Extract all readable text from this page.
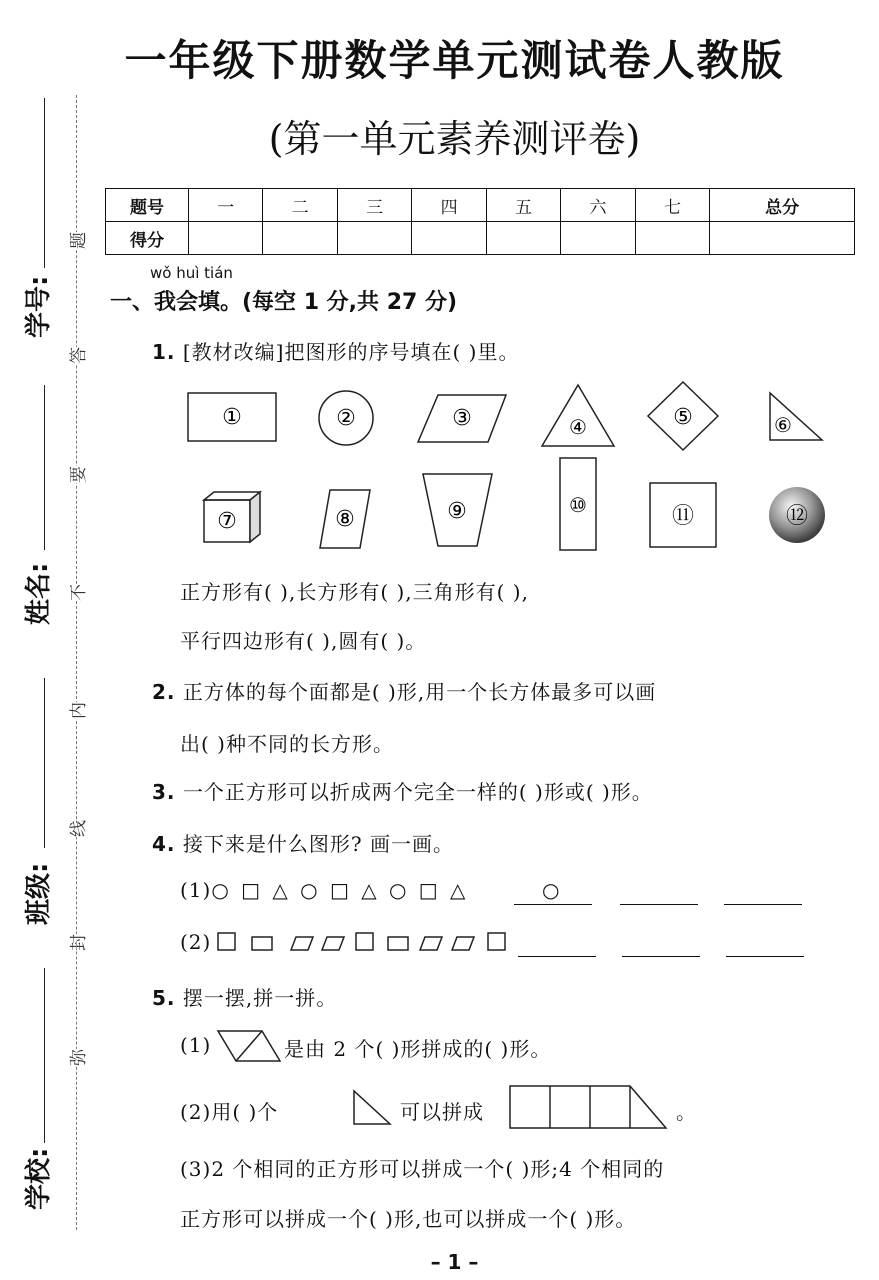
一年级下册数学单元测试卷人教版
(第一单元素养测评卷)
题号	一	二	三	四	五	六	七	总分
得分								
学号:
姓名:
班级:
学校:
题
答
要
不
内
线
封
弥
wǒ huì tián
一、我会填。(每空 1 分,共 27 分)
1. [教材改编]把图形的序号填在( )里。
①	②	③	④	⑤	⑥
⑦	⑧	⑨	⑩	⑪	⑫
正方形有( ),长方形有( ),三角形有( ),
平行四边形有( ),圆有( )。
2. 正方体的每个面都是( )形,用一个长方体最多可以画
出( )种不同的长方形。
3. 一个正方形可以折成两个完全一样的( )形或( )形。
4. 接下来是什么图形? 画一画。
(1)○ □ △ ○ □ △ ○ □ △	○
(2)
5. 摆一摆,拼一拼。
(1)	是由 2 个( )形拼成的( )形。
(2)用( )个	可以拼成	。
(3)2 个相同的正方形可以拼成一个( )形;4 个相同的
正方形可以拼成一个( )形,也可以拼成一个( )形。
– 1 –
